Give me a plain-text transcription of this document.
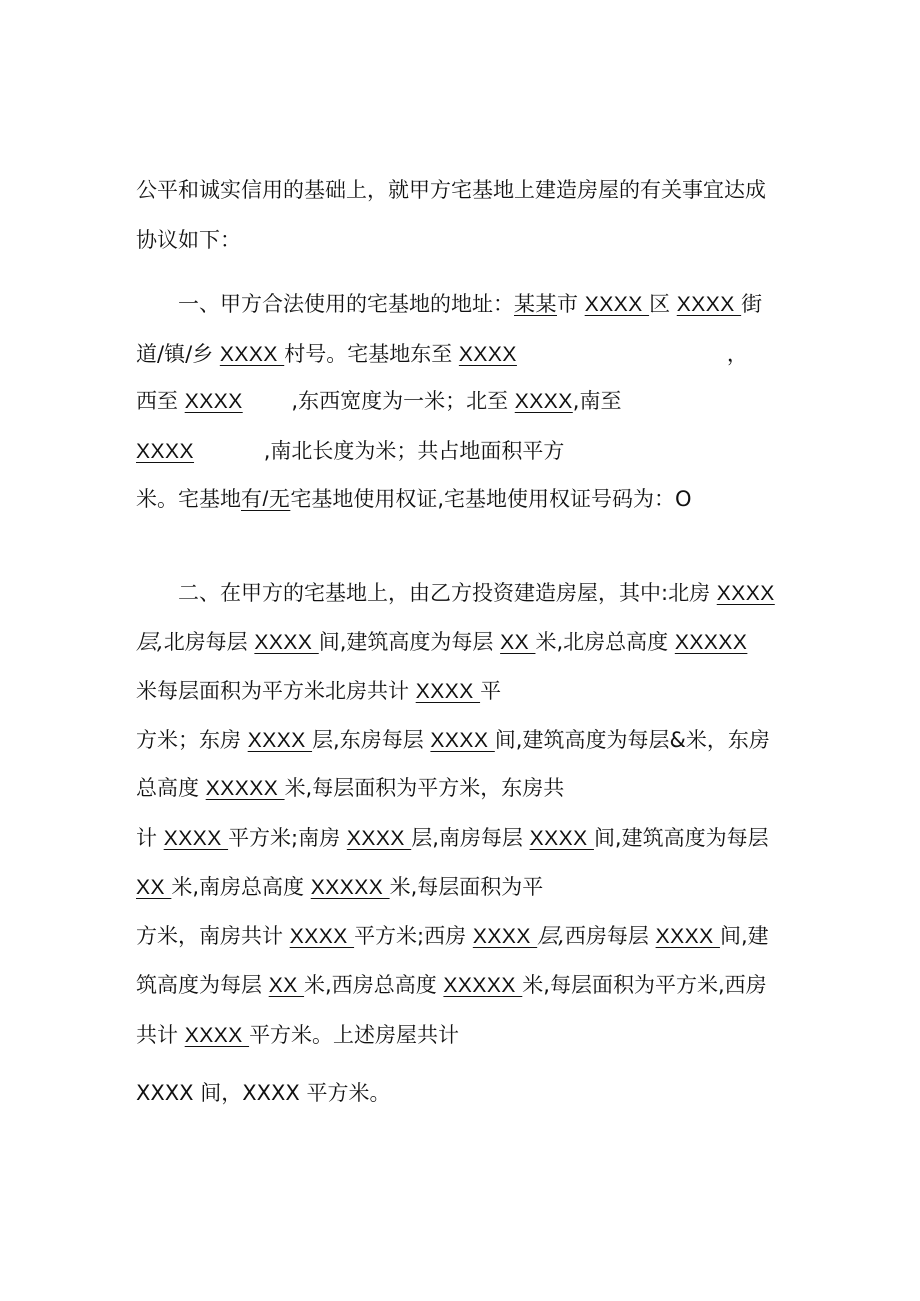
公平和诚实信用的基础上，就甲方宅基地上建造房屋的有关事宜达成
协议如下：
　　一、甲方合法使用的宅基地的地址：某某市 XXXX 区 XXXX 街
道/镇/乡 XXXX 村号。宅基地东至 XXXX　　　　　　　　　　，
西至 XXXX　　 ,东西宽度为一米；北至 XXXX,南至
XXXX　　　 ,南北长度为米；共占地面积平方
米。宅基地有/无宅基地使用权证,宅基地使用权证号码为：O
　　二、在甲方的宅基地上，由乙方投资建造房屋，其中:北房 XXXX
层,北房每层 XXXX 间,建筑高度为每层 XX 米,北房总高度 XXXXX
米每层面积为平方米北房共计 XXXX 平
方米；东房 XXXX 层,东房每层 XXXX 间,建筑高度为每层&米，东房
总高度 XXXXX 米,每层面积为平方米，东房共
计 XXXX 平方米;南房 XXXX 层,南房每层 XXXX 间,建筑高度为每层
XX 米,南房总高度 XXXXX 米,每层面积为平
方米，南房共计 XXXX 平方米;西房 XXXX 层,西房每层 XXXX 间,建
筑高度为每层 XX 米,西房总高度 XXXXX 米,每层面积为平方米,西房
共计 XXXX 平方米。上述房屋共计
XXXX 间，XXXX 平方米。
